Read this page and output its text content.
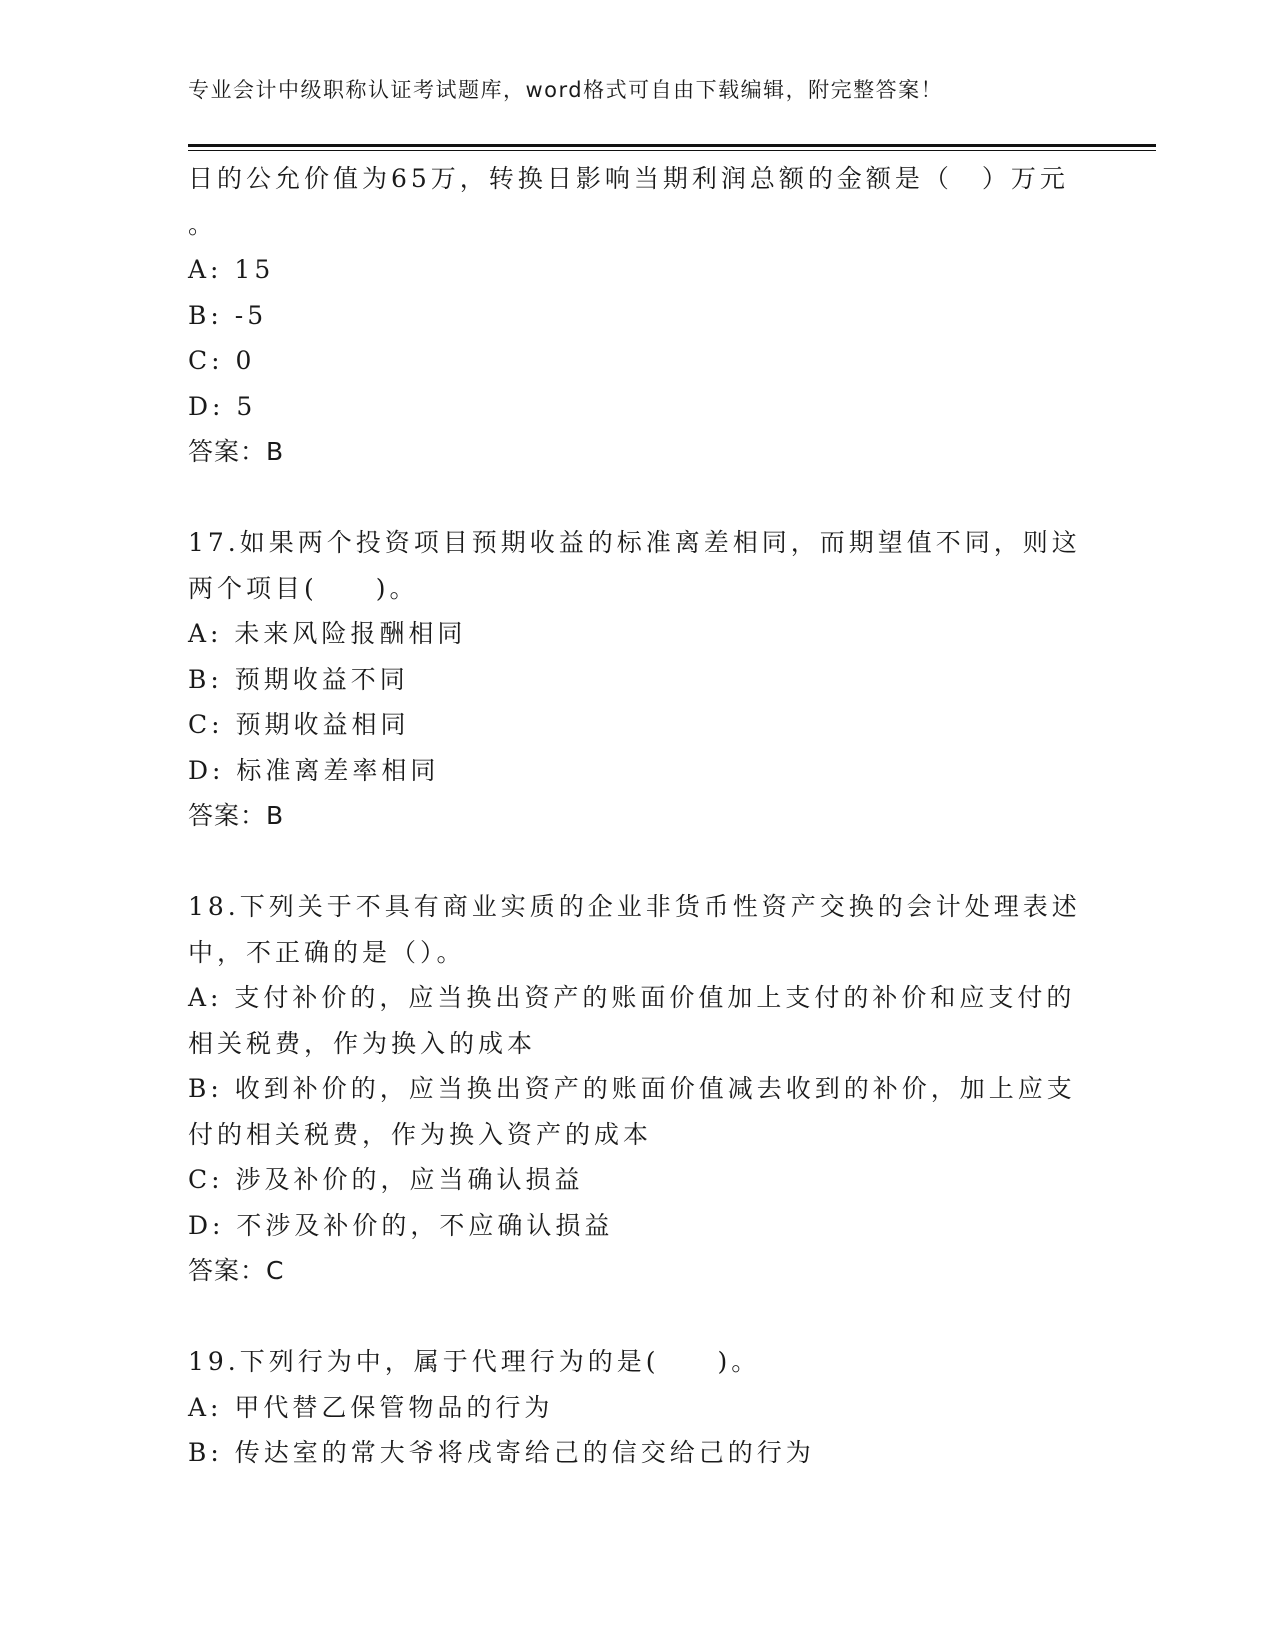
专业会计中级职称认证考试题库，word格式可自由下载编辑，附完整答案！
日的公允价值为65万，转换日影响当期利润总额的金额是（　）万元
。
A: 15
B: -5
C: 0
D: 5
答案：B
17.如果两个投资项目预期收益的标准离差相同，而期望值不同，则这
两个项目(　　)。
A: 未来风险报酬相同
B: 预期收益不同
C: 预期收益相同
D: 标准离差率相同
答案：B
18.下列关于不具有商业实质的企业非货币性资产交换的会计处理表述
中，不正确的是（）。
A: 支付补价的，应当换出资产的账面价值加上支付的补价和应支付的
相关税费，作为换入的成本
B: 收到补价的，应当换出资产的账面价值减去收到的补价，加上应支
付的相关税费，作为换入资产的成本
C: 涉及补价的，应当确认损益
D: 不涉及补价的，不应确认损益
答案：C
19.下列行为中，属于代理行为的是(　　)。
A: 甲代替乙保管物品的行为
B: 传达室的常大爷将戌寄给己的信交给己的行为
